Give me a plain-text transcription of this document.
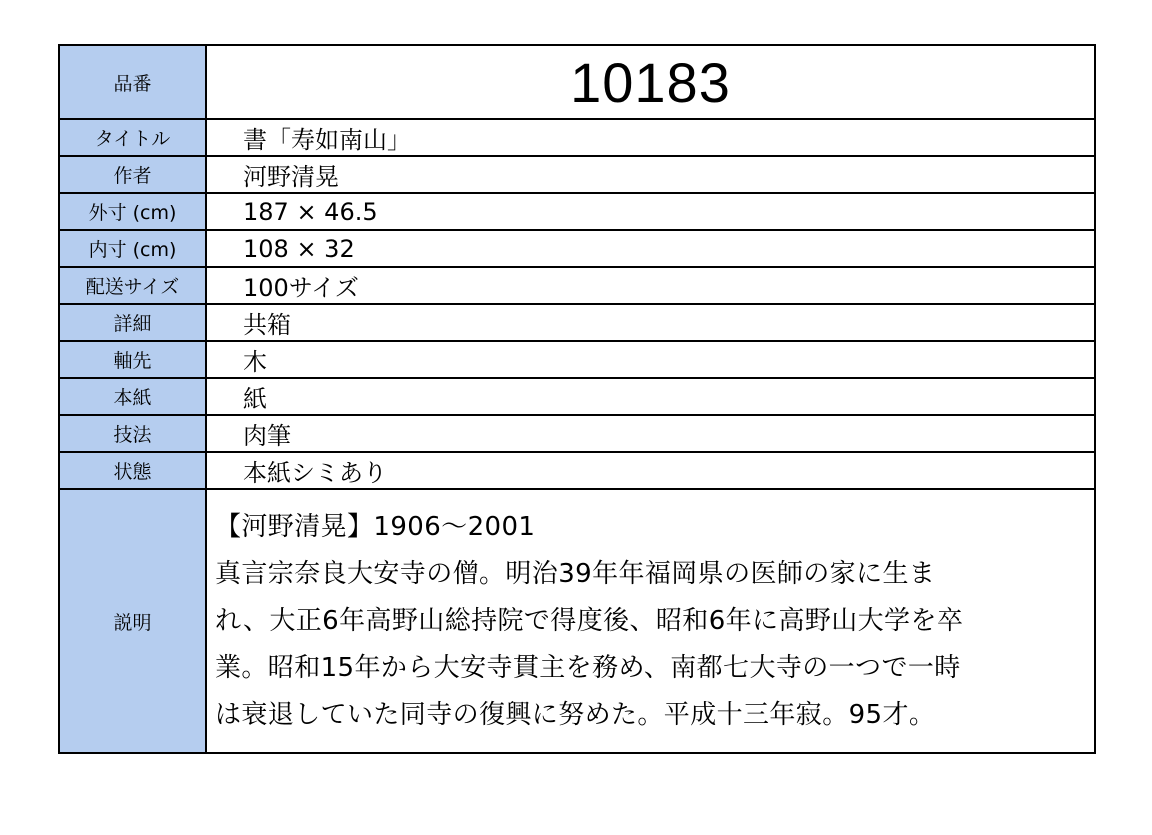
品番	10183
タイトル	書「寿如南山」
作者	河野清晃
外寸 (cm)	187 × 46.5
内寸 (cm)	108 × 32
配送サイズ	100サイズ
詳細	共箱
軸先	木
本紙	紙
技法	肉筆
状態	本紙シミあり
説明	【河野清晃】1906〜2001
真言宗奈良大安寺の僧。明治39年年福岡県の医師の家に生ま
れ、大正6年高野山総持院で得度後、昭和6年に高野山大学を卒
業。昭和15年から大安寺貫主を務め、南都七大寺の一つで一時
は衰退していた同寺の復興に努めた。平成十三年寂。95才。
